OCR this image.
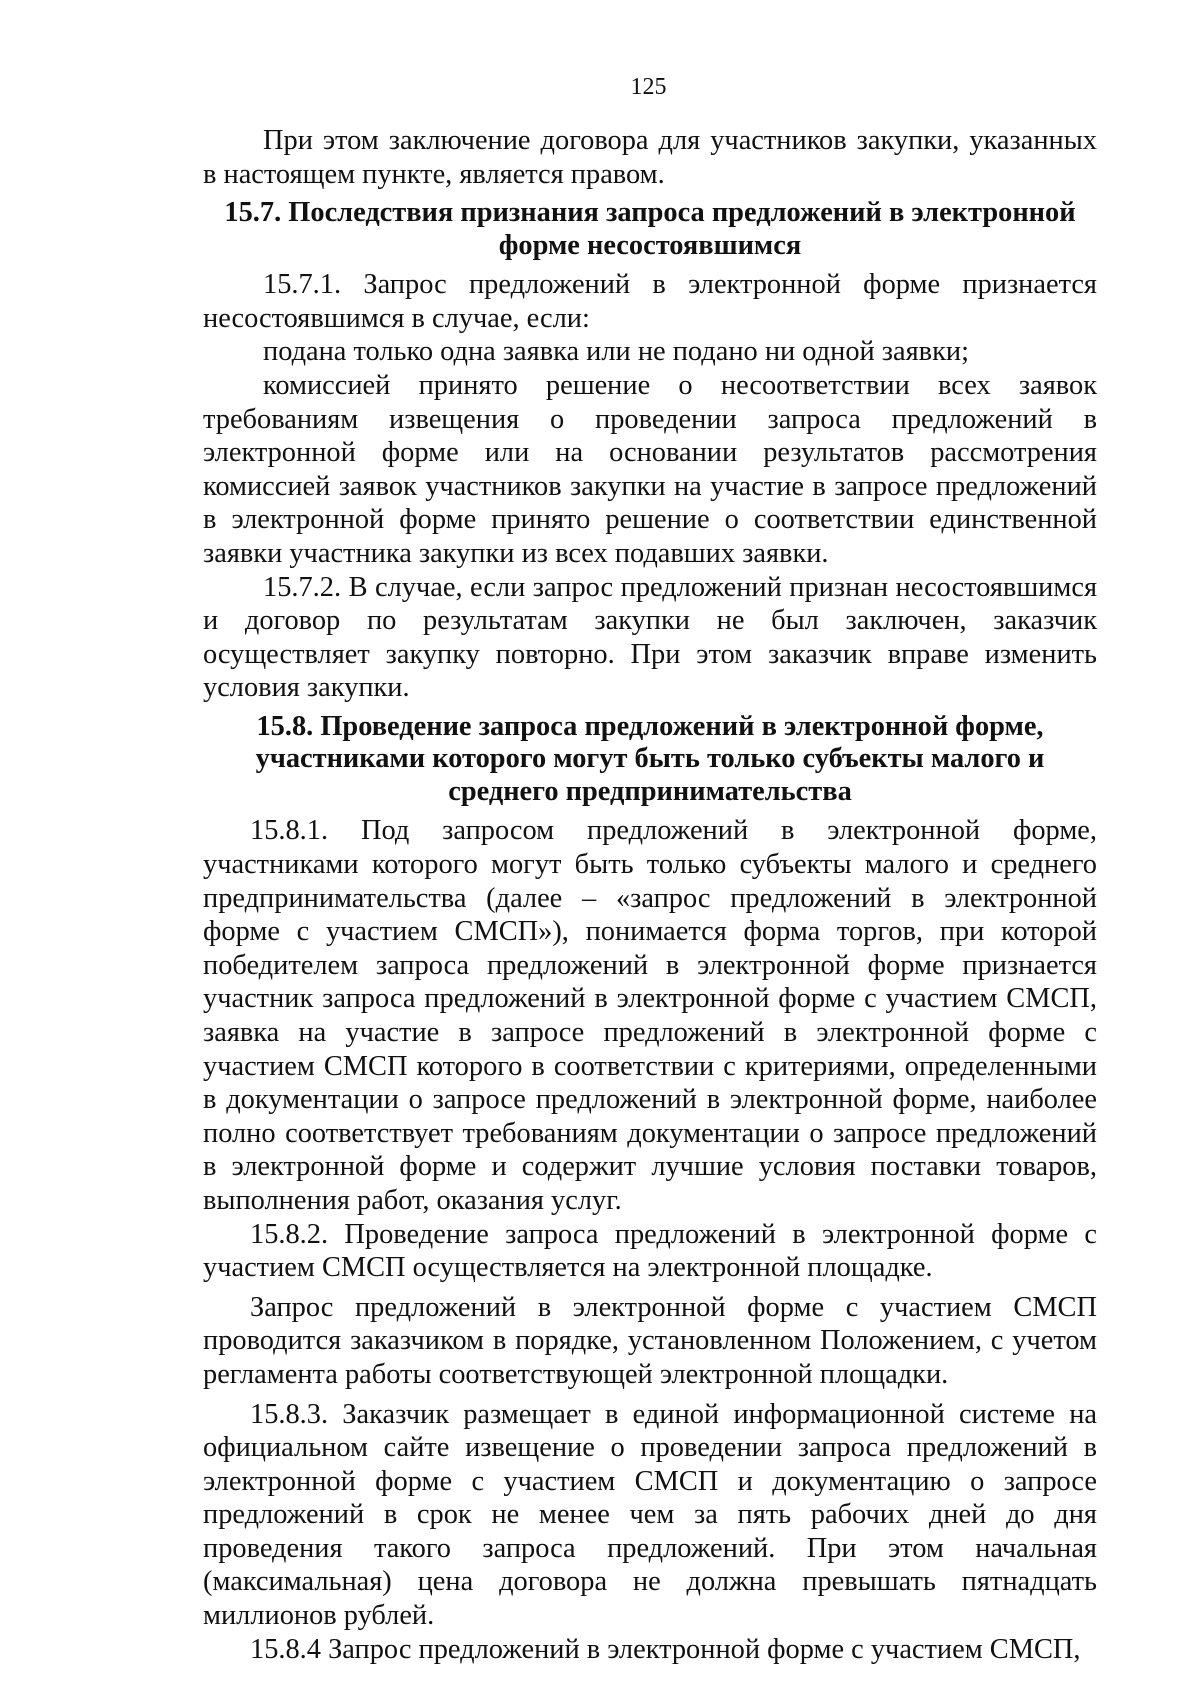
125

При этом заключение договора для участников закупки, указанных в настоящем пункте, является правом.

15.7. Последствия признания запроса предложений в электронной форме несостоявшимся

15.7.1. Запрос предложений в электронной форме признается несостоявшимся в случае, если:

подана только одна заявка или не подано ни одной заявки;

комиссией принято решение о несоответствии всех заявок требованиям извещения о проведении запроса предложений в электронной форме или на основании результатов рассмотрения комиссией заявок участников закупки на участие в запросе предложений в электронной форме принято решение о соответствии единственной заявки участника закупки из всех подавших заявки.

15.7.2. В случае, если запрос предложений признан несостоявшимся и договор по результатам закупки не был заключен, заказчик осуществляет закупку повторно. При этом заказчик вправе изменить условия закупки.

15.8. Проведение запроса предложений в электронной форме, участниками которого могут быть только субъекты малого и среднего предпринимательства

15.8.1. Под запросом предложений в электронной форме, участниками которого могут быть только субъекты малого и среднего предпринимательства (далее – «запрос предложений в электронной форме с участием СМСП»), понимается форма торгов, при которой победителем запроса предложений в электронной форме признается участник запроса предложений в электронной форме с участием СМСП, заявка на участие в запросе предложений в электронной форме с участием СМСП которого в соответствии с критериями, определенными в документации о запросе предложений в электронной форме, наиболее полно соответствует требованиям документации о запросе предложений в электронной форме и содержит лучшие условия поставки товаров, выполнения работ, оказания услуг.

15.8.2. Проведение запроса предложений в электронной форме с участием СМСП осуществляется на электронной площадке.

Запрос предложений в электронной форме с участием СМСП проводится заказчиком в порядке, установленном Положением, с учетом регламента работы соответствующей электронной площадки.

15.8.3. Заказчик размещает в единой информационной системе на официальном сайте извещение о проведении запроса предложений в электронной форме с участием СМСП и документацию о запросе предложений в срок не менее чем за пять рабочих дней до дня проведения такого запроса предложений. При этом начальная (максимальная) цена договора не должна превышать пятнадцать миллионов рублей.

15.8.4 Запрос предложений в электронной форме с участием СМСП,
